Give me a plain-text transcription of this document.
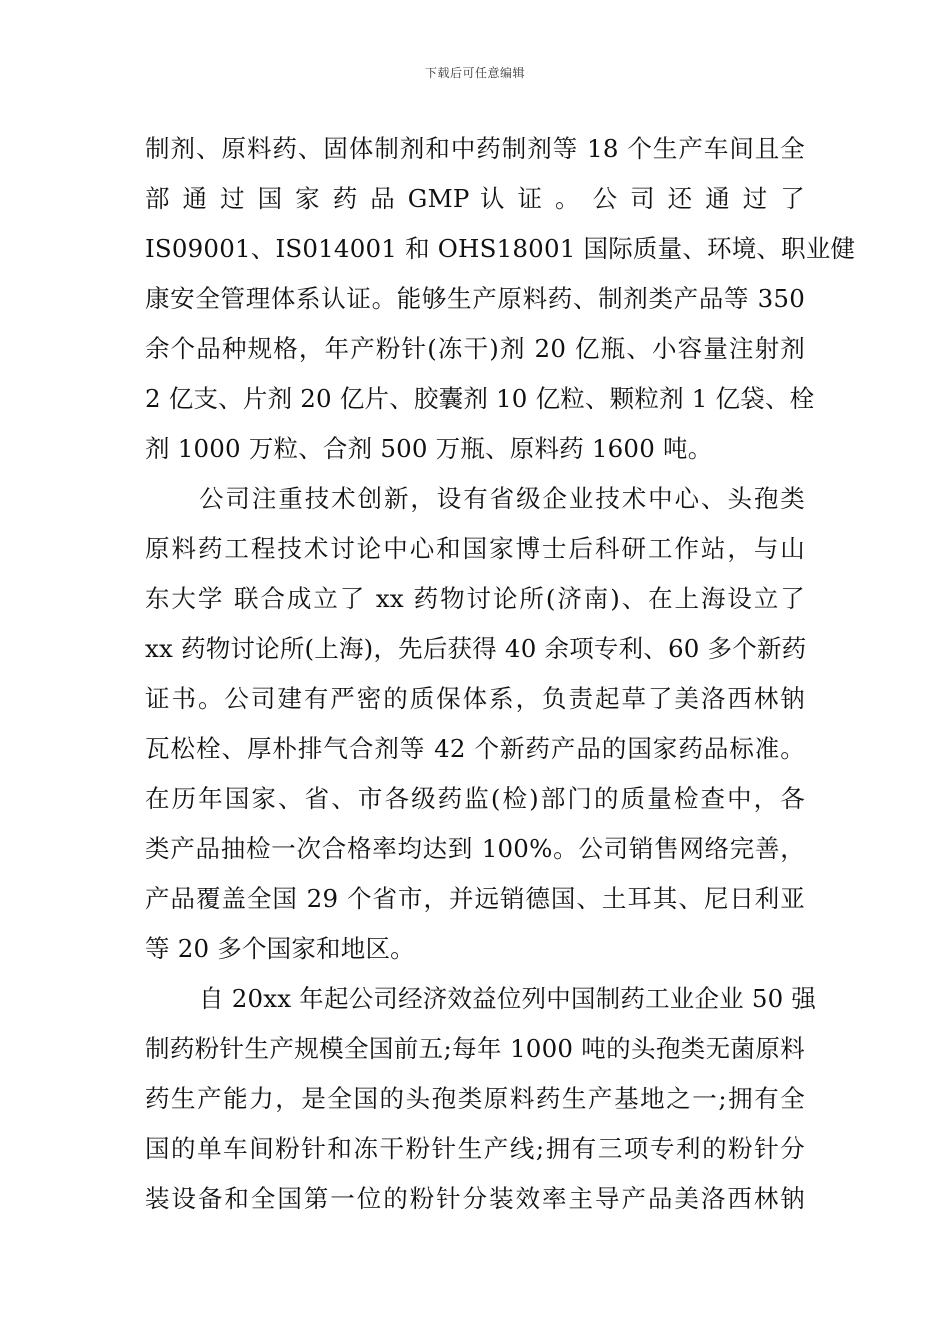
下载后可任意编辑
制剂、原料药、固体制剂和中药制剂等 18 个生产车间且全
部 通 过 国 家 药 品 GMP 认 证 。 公 司 还 通 过 了
IS09001、IS014001 和 OHS18001 国际质量、环境、职业健
康安全管理体系认证。能够生产原料药、制剂类产品等 350
余个品种规格，年产粉针(冻干)剂 20 亿瓶、小容量注射剂
2 亿支、片剂 20 亿片、胶囊剂 10 亿粒、颗粒剂 1 亿袋、栓
剂 1000 万粒、合剂 500 万瓶、原料药 1600 吨。
公司注重技术创新，设有省级企业技术中心、头孢类
原料药工程技术讨论中心和国家博士后科研工作站，与山
东大学 联合成立了 xx 药物讨论所(济南)、在上海设立了
xx 药物讨论所(上海)，先后获得 40 余项专利、60 多个新药
证书。公司建有严密的质保体系，负责起草了美洛西林钠
瓦松栓、厚朴排气合剂等 42 个新药产品的国家药品标准。
在历年国家、省、市各级药监(检)部门的质量检查中，各
类产品抽检一次合格率均达到 100%。公司销售网络完善，
产品覆盖全国 29 个省市，并远销德国、土耳其、尼日利亚
等 20 多个国家和地区。
自 20xx 年起公司经济效益位列中国制药工业企业 50 强
制药粉针生产规模全国前五;每年 1000 吨的头孢类无菌原料
药生产能力，是全国的头孢类原料药生产基地之一;拥有全
国的单车间粉针和冻干粉针生产线;拥有三项专利的粉针分
装设备和全国第一位的粉针分装效率主导产品美洛西林钠
